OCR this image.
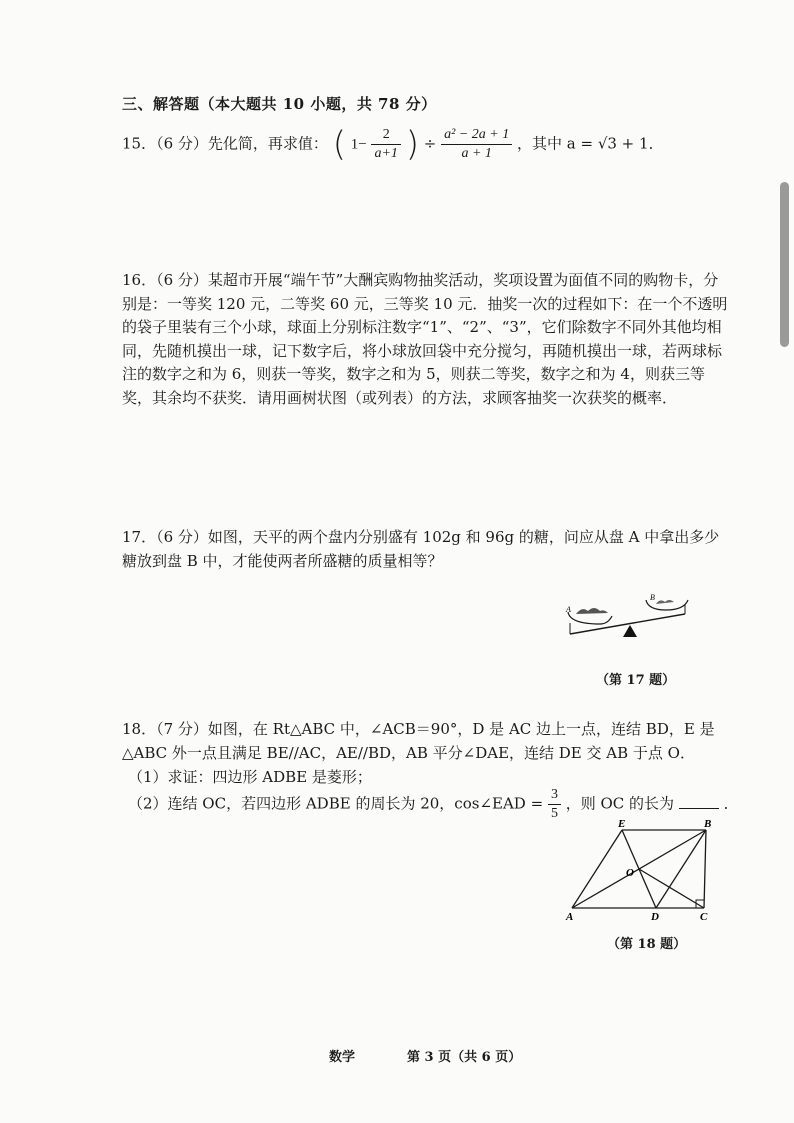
三、解答题（本大题共 10 小题，共 78 分）
15．（6 分）先化简，再求值： ( $1- \frac{2}{a+1}$ ) ÷ $\frac{\text{a² − 2a + 1}}{a + 1}$ ，其中 a = √3 + 1．
16．（6 分）某超市开展“端午节”大酬宾购物抽奖活动，奖项设置为面值不同的购物卡，分别是：一等奖 120 元，二等奖 60 元，三等奖 10 元．抽奖一次的过程如下：在一个不透明的袋子里装有三个小球，球面上分别标注数字“1”、“2”、“3”，它们除数字不同外其他均相同，先随机摸出一球，记下数字后，将小球放回袋中充分搅匀，再随机摸出一球，若两球标注的数字之和为 6，则获一等奖，数字之和为 5，则获二等奖，数字之和为 4，则获三等奖，其余均不获奖．请用画树状图（或列表）的方法，求顾客抽奖一次获奖的概率．
17．（6 分）如图，天平的两个盘内分别盛有 102g 和 96g 的糖，问应从盘 A 中拿出多少
糖放到盘 B 中，才能使两者所盛糖的质量相等？
A
B
（第 17 题）
18．（7 分）如图，在 Rt△ABC 中，∠ACB＝90°，D 是 AC 边上一点，连结 BD，E 是
△ABC 外一点且满足 BE//AC，AE//BD，AB 平分∠DAE，连结 DE 交 AB 于点 O．
（1）求证：四边形 ADBE 是菱形；
（2）连结 OC，若四边形 ADBE 的周长为 20，cos∠EAD = $\frac{3}{5}$ ，则 OC 的长为	．
E	B
O
A	D	C
（第 18 题）
数学	第 3 页（共 6 页）
